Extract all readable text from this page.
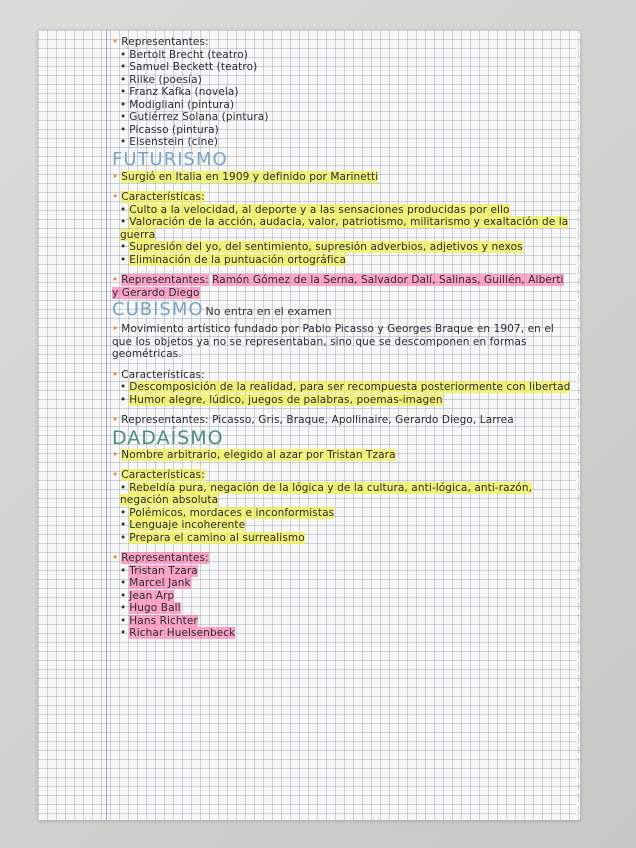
• Representantes:
• Bertolt Brecht (teatro)
• Samuel Beckett (teatro)
• Rilke (poesía)
• Franz Kafka (novela)
• Modigliani (pintura)
• Gutiérrez Solana (pintura)
• Picasso (pintura)
• Eisenstein (cine)
FUTURISMO
• Surgió en Italia en 1909 y definido por Marinetti
• Características:
• Culto a la velocidad, al deporte y a las sensaciones producidas por ello
• Valoración de la acción, audacia, valor, patriotismo, militarismo y exaltación de la guerra
• Supresión del yo, del sentimiento, supresión adverbios, adjetivos y nexos
• Eliminación de la puntuación ortográfica
• Representantes: Ramón Gómez de la Serna, Salvador Dalí, Salinas, Guillén, Alberti y Gerardo Diego
CUBISMO No entra en el examen
• Movimiento artístico fundado por Pablo Picasso y Georges Braque en 1907, en el que los objetos ya no se representaban, sino que se descomponen en formas geométricas.
• Características:
• Descomposición de la realidad, para ser recompuesta posteriormente con libertad
• Humor alegre, lúdico, juegos de palabras, poemas-imagen
• Representantes: Picasso, Gris, Braque, Apollinaire, Gerardo Diego, Larrea
DADAÍSMO
• Nombre arbitrario, elegido al azar por Tristan Tzara
• Características:
• Rebeldía pura, negación de la lógica y de la cultura, anti-lógica, anti-razón, negación absoluta
• Polémicos, mordaces e inconformistas
• Lenguaje incoherente
• Prepara el camino al surrealismo
• Representantes:
• Tristan Tzara
• Marcel Jank
• Jean Arp
• Hugo Ball
• Hans Richter
• Richar Huelsenbeck
